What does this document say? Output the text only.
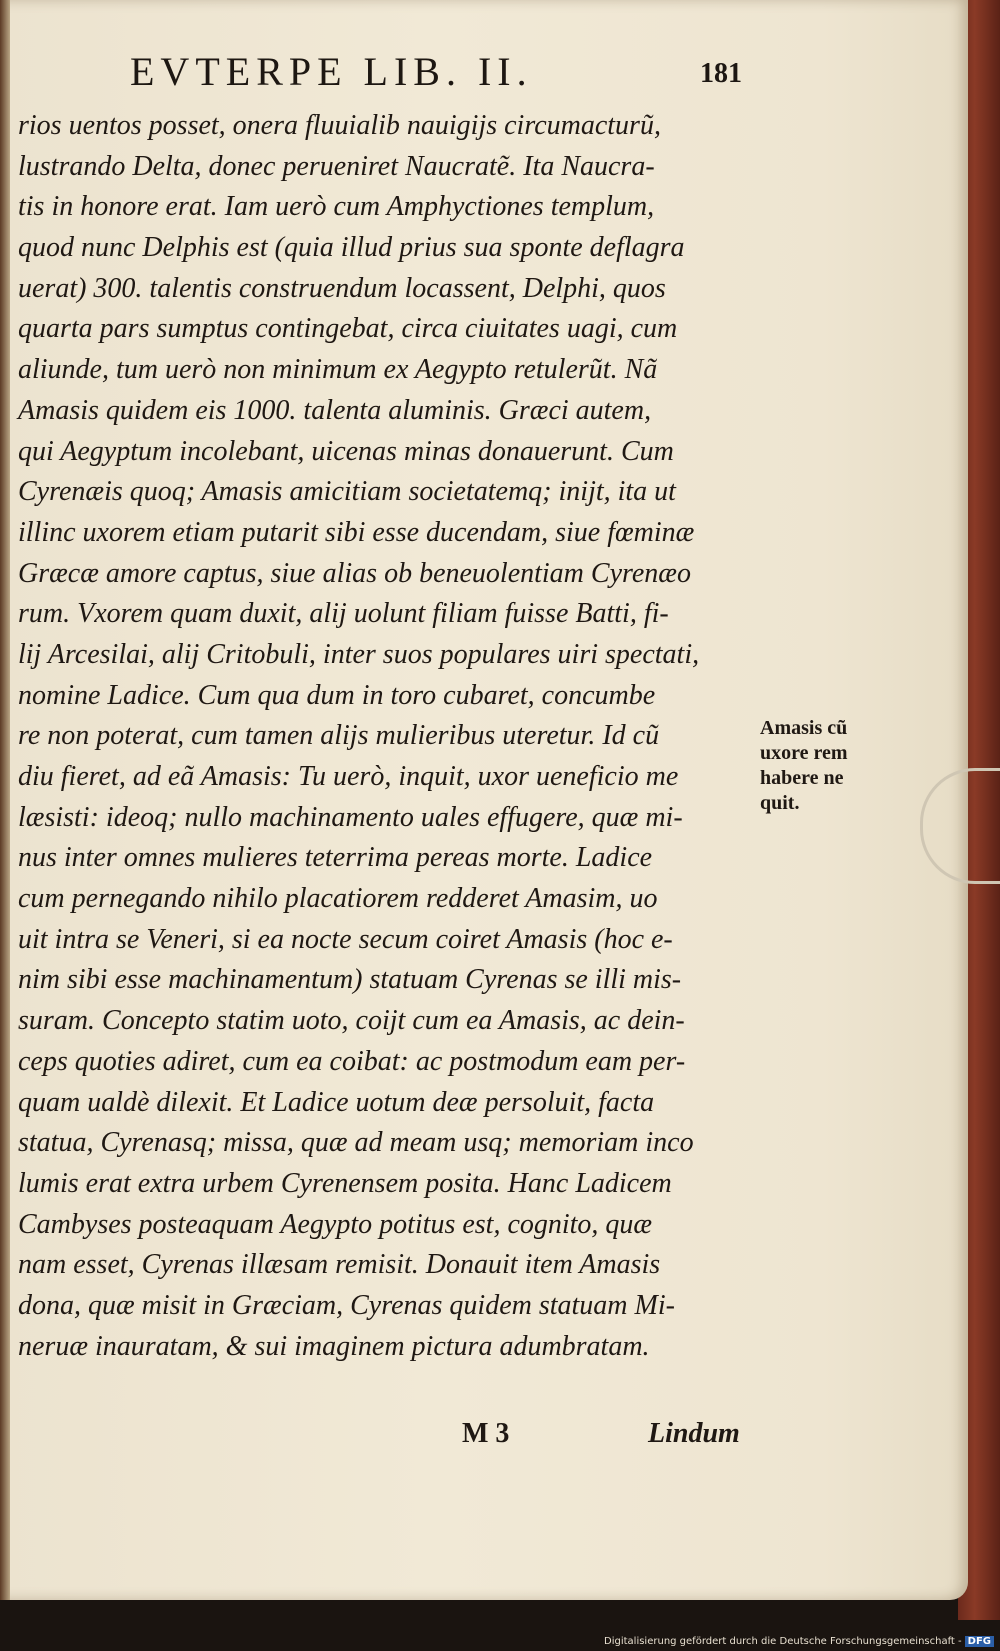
EVTERPE LIB. II.	181
rios uentos posset, onera fluuialib nauigijs circumacturũ,
lustrando Delta, donec perueniret Naucratẽ. Ita Naucra-
tis in honore erat. Iam uerò cum Amphyctiones templum,
quod nunc Delphis est (quia illud prius sua sponte deflagra
uerat) 300. talentis construendum locassent, Delphi, quos
quarta pars sumptus contingebat, circa ciuitates uagi, cum
aliunde, tum uerò non minimum ex Aegypto retulerũt. Nã
Amasis quidem eis 1000. talenta aluminis. Græci autem,
qui Aegyptum incolebant, uicenas minas donauerunt. Cum
Cyrenæis quoq; Amasis amicitiam societatemq; inijt, ita ut
illinc uxorem etiam putarit sibi esse ducendam, siue fœminæ
Græcæ amore captus, siue alias ob beneuolentiam Cyrenæo
rum. Vxorem quam duxit, alij uolunt filiam fuisse Batti, fi-
lij Arcesilai, alij Critobuli, inter suos populares uiri spectati,
nomine Ladice. Cum qua dum in toro cubaret, concumbe
re non poterat, cum tamen alijs mulieribus uteretur. Id cũ
diu fieret, ad eã Amasis: Tu uerò, inquit, uxor ueneficio me
læsisti: ideoq; nullo machinamento uales effugere, quæ mi-
nus inter omnes mulieres teterrima pereas morte. Ladice
cum pernegando nihilo placatiorem redderet Amasim, uo
uit intra se Veneri, si ea nocte secum coiret Amasis (hoc e-
nim sibi esse machinamentum) statuam Cyrenas se illi mis-
suram. Concepto statim uoto, coijt cum ea Amasis, ac dein-
ceps quoties adiret, cum ea coibat: ac postmodum eam per-
quam ualdè dilexit. Et Ladice uotum deæ persoluit, facta
statua, Cyrenasq; missa, quæ ad meam usq; memoriam inco
lumis erat extra urbem Cyrenensem posita. Hanc Ladicem
Cambyses posteaquam Aegypto potitus est, cognito, quæ
nam esset, Cyrenas illæsam remisit. Donauit item Amasis
dona, quæ misit in Græciam, Cyrenas quidem statuam Mi-
neruæ inauratam, & sui imaginem pictura adumbratam.
Amasis cũ
uxore rem
habere ne
quit.
M 3	Lindum
Digitalisierung gefördert durch die Deutsche Forschungsgemeinschaft - DFG
